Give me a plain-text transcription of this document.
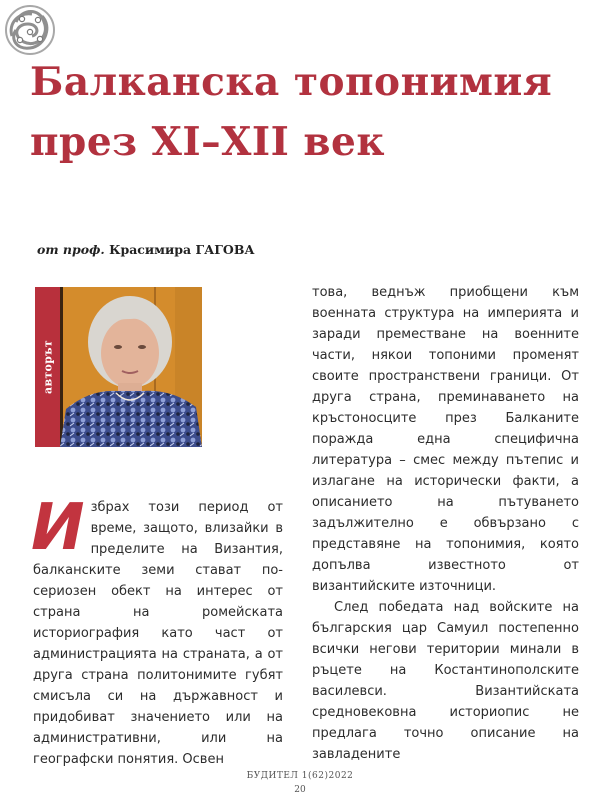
Балканска топонимия
през XI–XII век
от проф. Красимира ГАГОВА
авторът

Избрах този период от време, защото, влизайки в пределите на Византия, балканските земи стават по-сериозен обект на интерес от страна на ромейската историография като част от администрацията на страната, а от друга страна политонимите губят смисъла си на държавност и придобиват значението или на административни, или на географски понятия. Освен

това, веднъж приобщени към военната структура на империята и заради преместване на военните части, някои топоними променят своите пространствени граници. От друга страна, преминаването на кръстоносците през Балканите поражда една специфична литература – смес между пътепис и излагане на исторически факти, а описанието на пътуването задължително е обвързано с представяне на топонимия, която допълва известното от византийските източници.

След победата над войските на българския цар Самуил постепенно всички негови територии минали в ръцете на Костантинополските василевси. Византийската средновековна историопис не предлага точно описание на завладените

БУДИТЕЛ 1(62)2022
20
